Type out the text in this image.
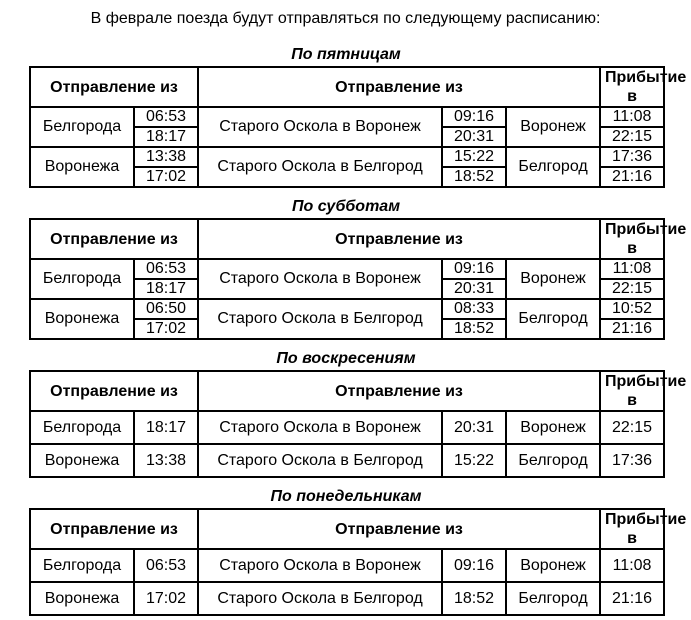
В феврале поезда будут отправляться по следующему расписанию:
По пятницам
Отправление из		Отправление из			Прибытие в
Белгорода	06:53	Старого Оскола в Воронеж	09:16	Воронеж	11:08
	18:17		20:31		22:15
Воронежа	13:38	Старого Оскола в Белгород	15:22	Белгород	17:36
	17:02		18:52		21:16
По субботам
Отправление из		Отправление из			Прибытие в
Белгорода	06:53	Старого Оскола в Воронеж	09:16	Воронеж	11:08
	18:17		20:31		22:15
Воронежа	06:50	Старого Оскола в Белгород	08:33	Белгород	10:52
	17:02		18:52		21:16
По воскресениям
Отправление из		Отправление из			Прибытие в
Белгорода	18:17	Старого Оскола в Воронеж	20:31	Воронеж	22:15
Воронежа	13:38	Старого Оскола в Белгород	15:22	Белгород	17:36
По понедельникам
Отправление из		Отправление из			Прибытие в
Белгорода	06:53	Старого Оскола в Воронеж	09:16	Воронеж	11:08
Воронежа	17:02	Старого Оскола в Белгород	18:52	Белгород	21:16
